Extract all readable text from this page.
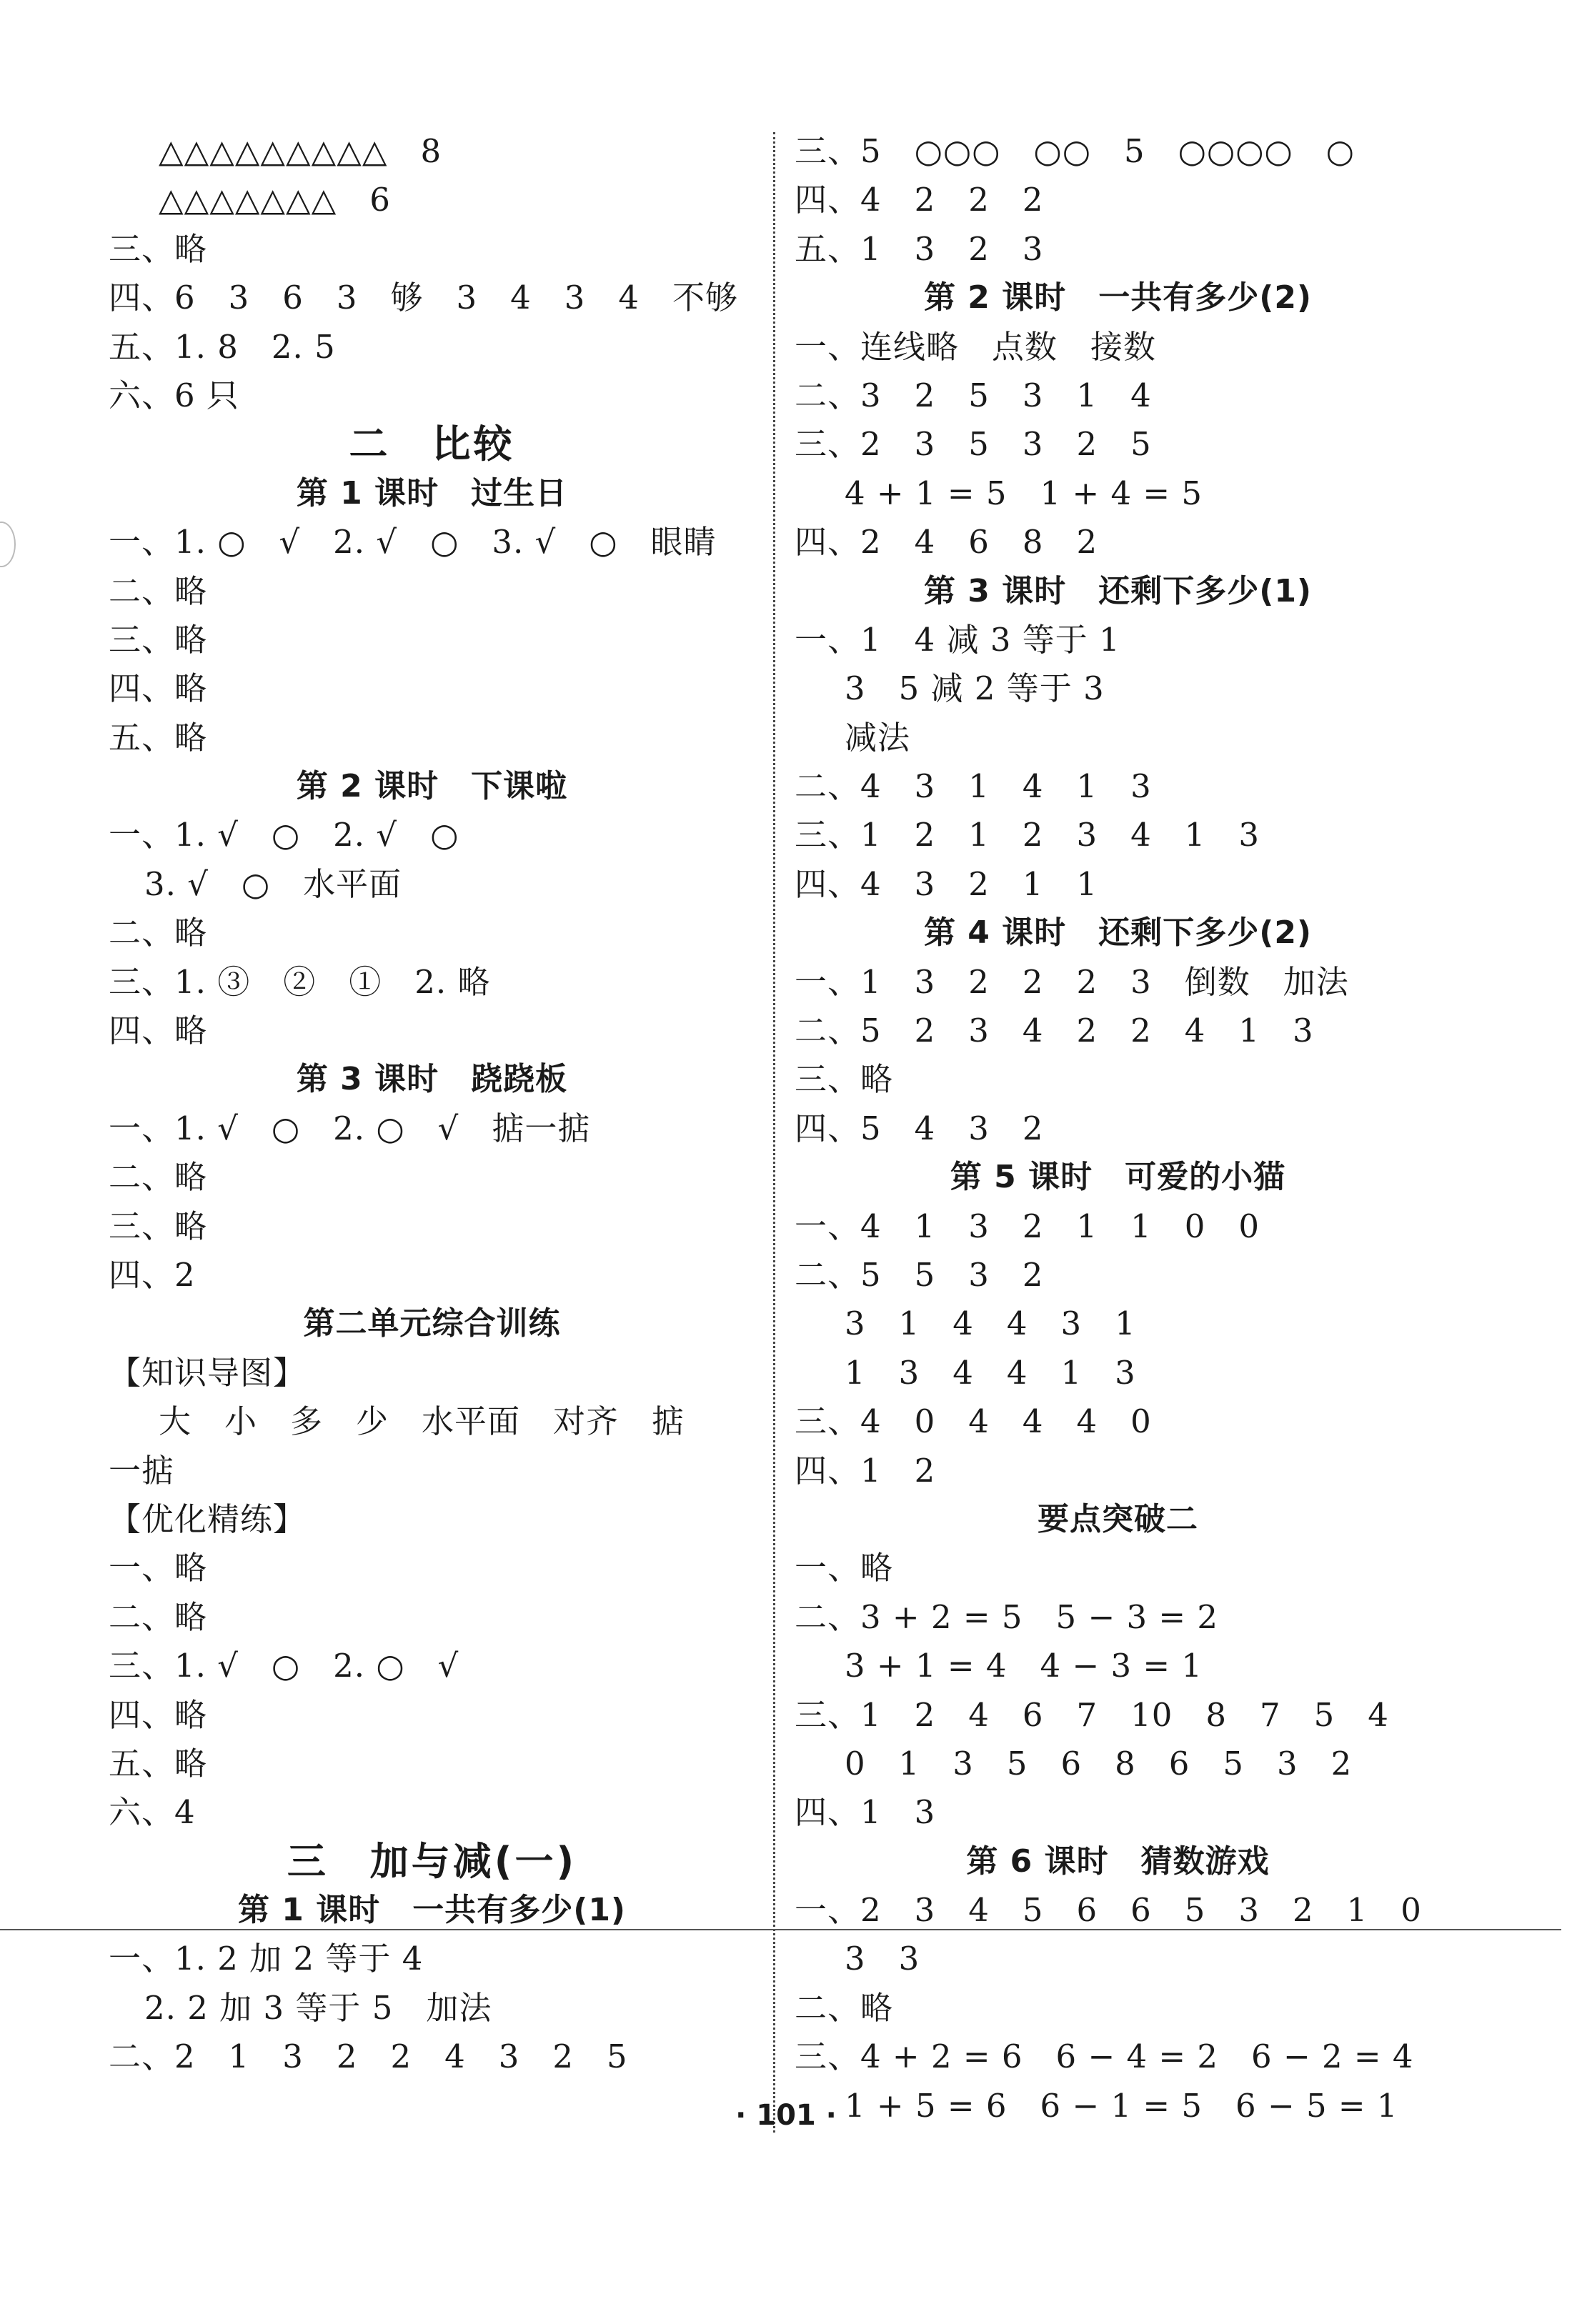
△△△△△△△△△　8
△△△△△△△　6
三、略
四、6　3　6　3　够　3　4　3　4　不够
五、1. 8　2. 5
六、6 只
二　比较
第 1 课时　过生日
一、1. ○　√　2. √　○　3. √　○　眼睛
二、略
三、略
四、略
五、略
第 2 课时　下课啦
一、1. √　○　2. √　○
3. √　○　水平面
二、略
三、1. ③　②　①　2. 略
四、略
第 3 课时　跷跷板
一、1. √　○　2. ○　√　掂一掂
二、略
三、略
四、2
第二单元综合训练
【知识导图】
大　小　多　少　水平面　对齐　掂
一掂
【优化精练】
一、略
二、略
三、1. √　○　2. ○　√
四、略
五、略
六、4
三　加与减(一)
第 1 课时　一共有多少(1)
一、1. 2 加 2 等于 4
2. 2 加 3 等于 5　加法
二、2　1　3　2　2　4　3　2　5
三、5　○○○　○○　5　○○○○　○
四、4　2　2　2
五、1　3　2　3
第 2 课时　一共有多少(2)
一、连线略　点数　接数
二、3　2　5　3　1　4
三、2　3　5　3　2　5
4 + 1 = 5　1 + 4 = 5
四、2　4　6　8　2
第 3 课时　还剩下多少(1)
一、1　4 减 3 等于 1
3　5 减 2 等于 3
减法
二、4　3　1　4　1　3
三、1　2　1　2　3　4　1　3
四、4　3　2　1　1
第 4 课时　还剩下多少(2)
一、1　3　2　2　2　3　倒数　加法
二、5　2　3　4　2　2　4　1　3
三、略
四、5　4　3　2
第 5 课时　可爱的小猫
一、4　1　3　2　1　1　0　0
二、5　5　3　2
3　1　4　4　3　1
1　3　4　4　1　3
三、4　0　4　4　4　0
四、1　2
要点突破二
一、略
二、3 + 2 = 5　5 − 3 = 2
3 + 1 = 4　4 − 3 = 1
三、1　2　4　6　7　10　8　7　5　4
0　1　3　5　6　8　6　5　3　2
四、1　3
第 6 课时　猜数游戏
一、2　3　4　5　6　6　5　3　2　1　0
3　3
二、略
三、4 + 2 = 6　6 − 4 = 2　6 − 2 = 4
1 + 5 = 6　6 − 1 = 5　6 − 5 = 1
· 101 ·
